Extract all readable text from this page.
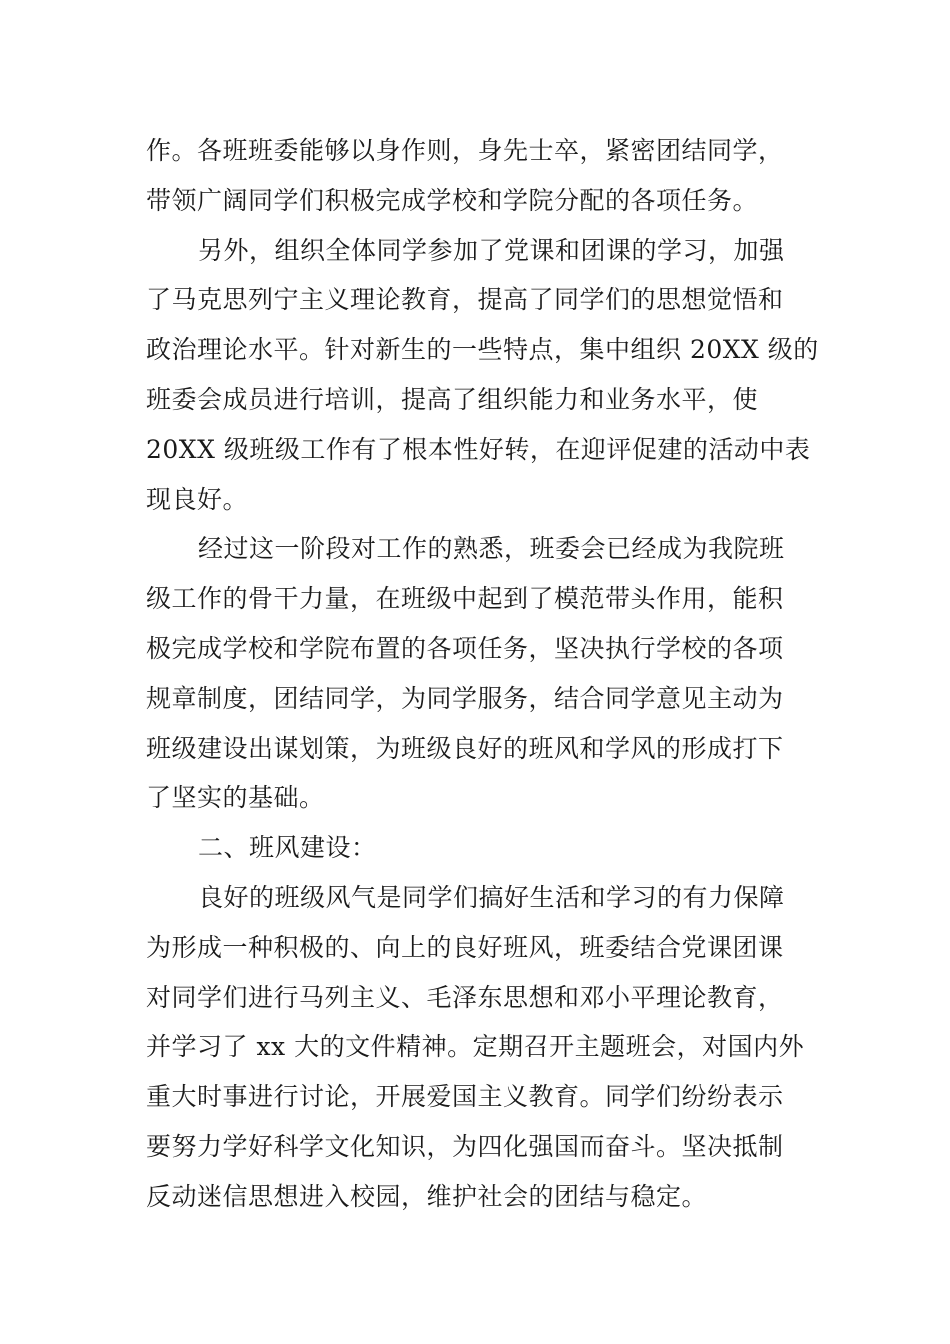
作。各班班委能够以身作则，身先士卒，紧密团结同学，
带领广阔同学们积极完成学校和学院分配的各项任务。
另外，组织全体同学参加了党课和团课的学习，加强
了马克思列宁主义理论教育，提高了同学们的思想觉悟和
政治理论水平。针对新生的一些特点，集中组织 20XX 级的
班委会成员进行培训，提高了组织能力和业务水平，使
20XX 级班级工作有了根本性好转，在迎评促建的活动中表
现良好。
经过这一阶段对工作的熟悉，班委会已经成为我院班
级工作的骨干力量，在班级中起到了模范带头作用，能积
极完成学校和学院布置的各项任务，坚决执行学校的各项
规章制度，团结同学，为同学服务，结合同学意见主动为
班级建设出谋划策，为班级良好的班风和学风的形成打下
了坚实的基础。
二、班风建设：
良好的班级风气是同学们搞好生活和学习的有力保障
为形成一种积极的、向上的良好班风，班委结合党课团课
对同学们进行马列主义、毛泽东思想和邓小平理论教育，
并学习了 xx 大的文件精神。定期召开主题班会，对国内外
重大时事进行讨论，开展爱国主义教育。同学们纷纷表示
要努力学好科学文化知识，为四化强国而奋斗。坚决抵制
反动迷信思想进入校园，维护社会的团结与稳定。
